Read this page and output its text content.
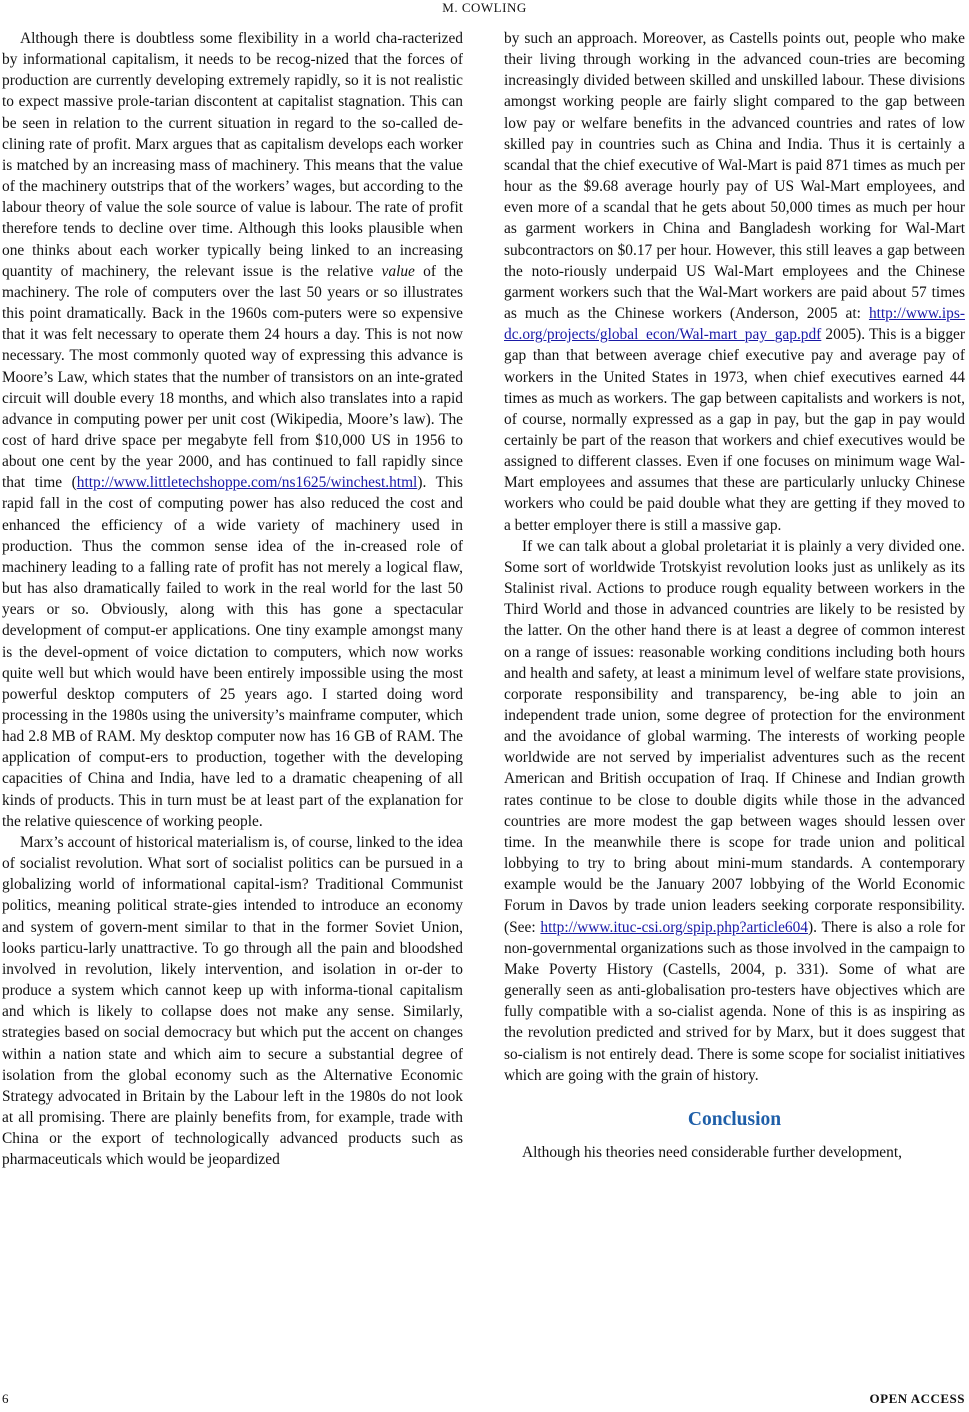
M. COWLING

Although there is doubtless some flexibility in a world cha-racterized by informational capitalism, it needs to be recog-nized that the forces of production are currently developing extremely rapidly, so it is not realistic to expect massive prole-tarian discontent at capitalist stagnation. This can be seen in relation to the current situation in regard to the so-called de-clining rate of profit. Marx argues that as capitalism develops each worker is matched by an increasing mass of machinery. This means that the value of the machinery outstrips that of the workers’ wages, but according to the labour theory of value the sole source of value is labour. The rate of profit therefore tends to decline over time. Although this looks plausible when one thinks about each worker typically being linked to an increasing quantity of machinery, the relevant issue is the relative value of the machinery. The role of computers over the last 50 years or so illustrates this point dramatically. Back in the 1960s com-puters were so expensive that it was felt necessary to operate them 24 hours a day. This is not now necessary. The most commonly quoted way of expressing this advance is Moore’s Law, which states that the number of transistors on an inte-grated circuit will double every 18 months, and which also translates into a rapid advance in computing power per unit cost (Wikipedia, Moore’s law). The cost of hard drive space per megabyte fell from $10,000 US in 1956 to about one cent by the year 2000, and has continued to fall rapidly since that time (http://www.littletechshoppe.com/ns1625/winchest.html). This rapid fall in the cost of computing power has also reduced the cost and enhanced the efficiency of a wide variety of machinery used in production. Thus the common sense idea of the in-creased role of machinery leading to a falling rate of profit has not merely a logical flaw, but has also dramatically failed to work in the real world for the last 50 years or so. Obviously, along with this has gone a spectacular development of comput-er applications. One tiny example amongst many is the devel-opment of voice dictation to computers, which now works quite well but which would have been entirely impossible using the most powerful desktop computers of 25 years ago. I started doing word processing in the 1980s using the university’s mainframe computer, which had 2.8 MB of RAM. My desktop computer now has 16 GB of RAM. The application of comput-ers to production, together with the developing capacities of China and India, have led to a dramatic cheapening of all kinds of products. This in turn must be at least part of the explanation for the relative quiescence of working people.

Marx’s account of historical materialism is, of course, linked to the idea of socialist revolution. What sort of socialist politics can be pursued in a globalizing world of informational capital-ism? Traditional Communist politics, meaning political strate-gies intended to introduce an economy and system of govern-ment similar to that in the former Soviet Union, looks particu-larly unattractive. To go through all the pain and bloodshed involved in revolution, likely intervention, and isolation in or-der to produce a system which cannot keep up with informa-tional capitalism and which is likely to collapse does not make any sense. Similarly, strategies based on social democracy but which put the accent on changes within a nation state and which aim to secure a substantial degree of isolation from the global economy such as the Alternative Economic Strategy advocated in Britain by the Labour left in the 1980s do not look at all promising. There are plainly benefits from, for example, trade with China or the export of technologically advanced products such as pharmaceuticals which would be jeopardized

by such an approach. Moreover, as Castells points out, people who make their living through working in the advanced coun-tries are becoming increasingly divided between skilled and unskilled labour. These divisions amongst working people are fairly slight compared to the gap between low pay or welfare benefits in the advanced countries and rates of low skilled pay in countries such as China and India. Thus it is certainly a scandal that the chief executive of Wal-Mart is paid 871 times as much per hour as the $9.68 average hourly pay of US Wal-Mart employees, and even more of a scandal that he gets about 50,000 times as much per hour as garment workers in China and Bangladesh working for Wal-Mart subcontractors on $0.17 per hour. However, this still leaves a gap between the noto-riously underpaid US Wal-Mart employees and the Chinese garment workers such that the Wal-Mart workers are paid about 57 times as much as the Chinese workers (Anderson, 2005 at: http://www.ips-dc.org/projects/global_econ/Wal-mart_pay_gap.pdf 2005). This is a bigger gap than that between average chief executive pay and average pay of workers in the United States in 1973, when chief executives earned 44 times as much as workers. The gap between capitalists and workers is not, of course, normally expressed as a gap in pay, but the gap in pay would certainly be part of the reason that workers and chief executives would be assigned to different classes. Even if one focuses on minimum wage Wal-Mart employees and assumes that these are particularly unlucky Chinese workers who could be paid double what they are getting if they moved to a better employer there is still a massive gap.

If we can talk about a global proletariat it is plainly a very divided one. Some sort of worldwide Trotskyist revolution looks just as unlikely as its Stalinist rival. Actions to produce rough equality between workers in the Third World and those in advanced countries are likely to be resisted by the latter. On the other hand there is at least a degree of common interest on a range of issues: reasonable working conditions including both hours and health and safety, at least a minimum level of welfare state provisions, corporate responsibility and transparency, be-ing able to join an independent trade union, some degree of protection for the environment and the avoidance of global warming. The interests of working people worldwide are not served by imperialist adventures such as the recent American and British occupation of Iraq. If Chinese and Indian growth rates continue to be close to double digits while those in the advanced countries are more modest the gap between wages should lessen over time. In the meanwhile there is scope for trade union and political lobbying to try to bring about mini-mum standards. A contemporary example would be the January 2007 lobbying of the World Economic Forum in Davos by trade union leaders seeking corporate responsibility. (See: http://www.ituc-csi.org/spip.php?article604). There is also a role for non-governmental organizations such as those involved in the campaign to Make Poverty History (Castells, 2004, p. 331). Some of what are generally seen as anti-globalisation pro-testers have objectives which are fully compatible with a so-cialist agenda. None of this is as inspiring as the revolution predicted and strived for by Marx, but it does suggest that so-cialism is not entirely dead. There is some scope for socialist initiatives which are going with the grain of history.

Conclusion

Although his theories need considerable further development,

6	OPEN ACCESS
